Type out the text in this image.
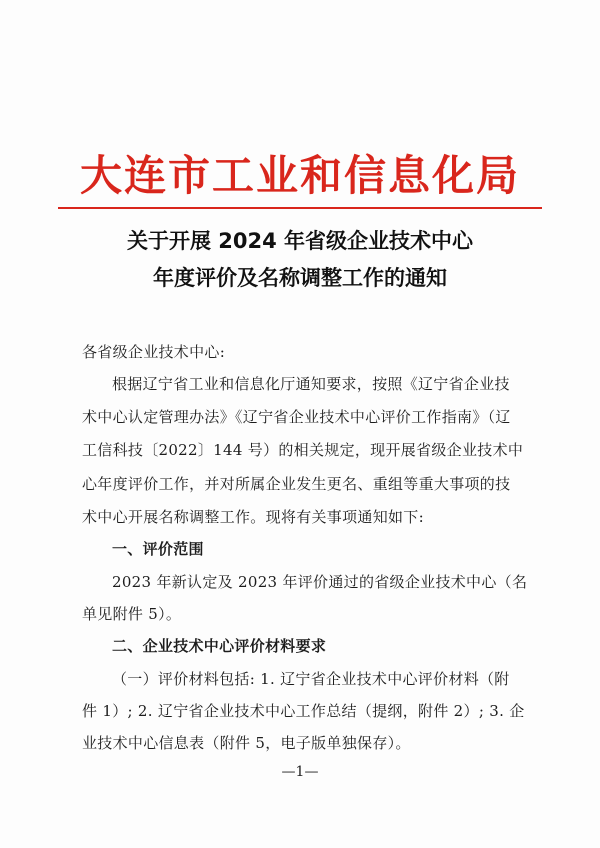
大连市工业和信息化局
关于开展 2024 年省级企业技术中心
年度评价及名称调整工作的通知
各省级企业技术中心:
根据辽宁省工业和信息化厅通知要求，按照《辽宁省企业技
术中心认定管理办法》《辽宁省企业技术中心评价工作指南》（辽
工信科技〔2022〕144 号）的相关规定，现开展省级企业技术中
心年度评价工作，并对所属企业发生更名、重组等重大事项的技
术中心开展名称调整工作。现将有关事项通知如下:
一、评价范围
2023 年新认定及 2023 年评价通过的省级企业技术中心（名
单见附件 5）。
二、企业技术中心评价材料要求
（一）评价材料包括: 1. 辽宁省企业技术中心评价材料（附
件 1）; 2. 辽宁省企业技术中心工作总结（提纲，附件 2）; 3. 企
业技术中心信息表（附件 5，电子版单独保存）。
—1—
